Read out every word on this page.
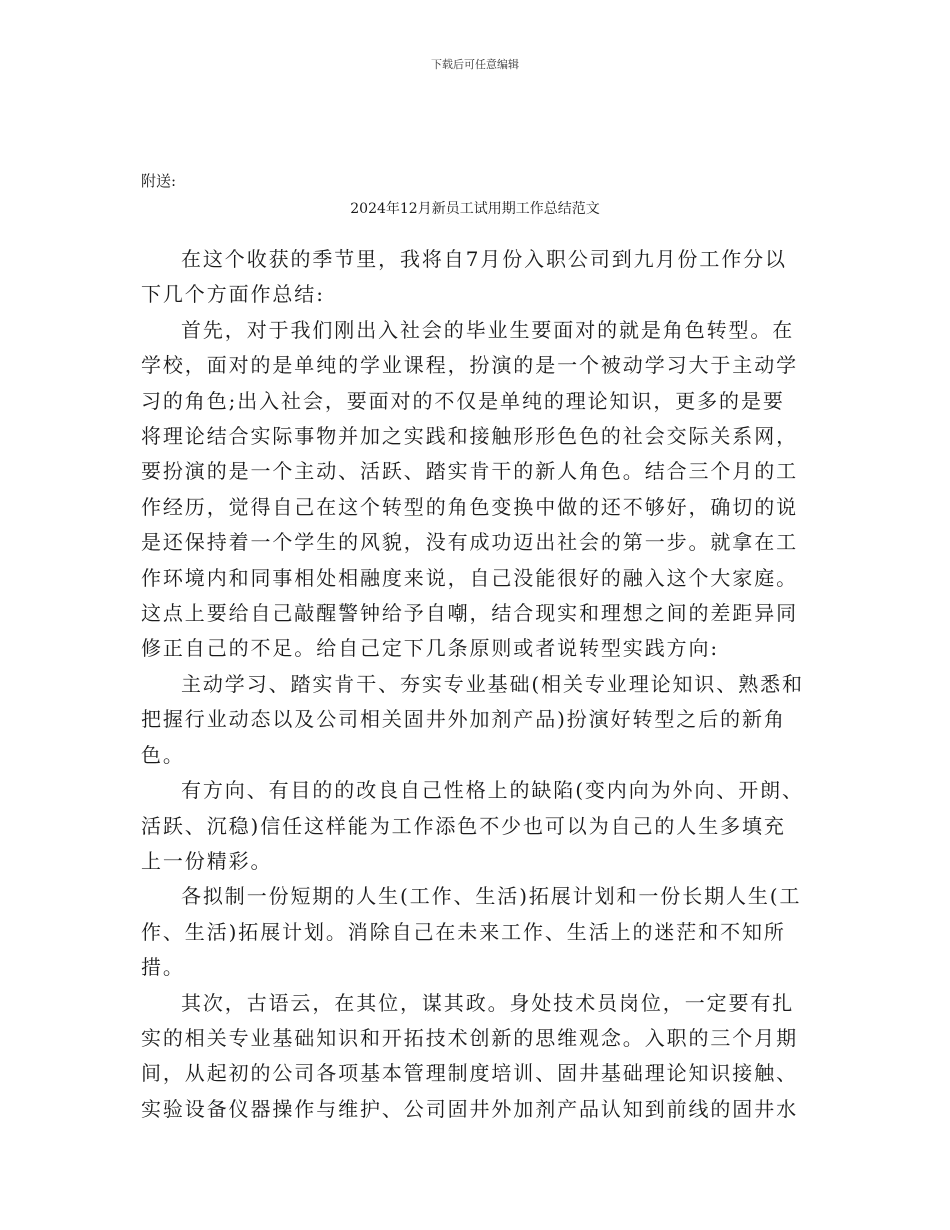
下载后可任意编辑
附送:
2024年12月新员工试用期工作总结范文

在这个收获的季节里，我将自7月份入职公司到九月份工作分以下几个方面作总结:

首先，对于我们刚出入社会的毕业生要面对的就是角色转型。在学校，面对的是单纯的学业课程，扮演的是一个被动学习大于主动学习的角色;出入社会，要面对的不仅是单纯的理论知识，更多的是要将理论结合实际事物并加之实践和接触形形色色的社会交际关系网，要扮演的是一个主动、活跃、踏实肯干的新人角色。结合三个月的工作经历，觉得自己在这个转型的角色变换中做的还不够好，确切的说是还保持着一个学生的风貌，没有成功迈出社会的第一步。就拿在工作环境内和同事相处相融度来说，自己没能很好的融入这个大家庭。这点上要给自己敲醒警钟给予自嘲，结合现实和理想之间的差距异同修正自己的不足。给自己定下几条原则或者说转型实践方向:

主动学习、踏实肯干、夯实专业基础(相关专业理论知识、熟悉和把握行业动态以及公司相关固井外加剂产品)扮演好转型之后的新角色。

有方向、有目的的改良自己性格上的缺陷(变内向为外向、开朗、活跃、沉稳)信任这样能为工作添色不少也可以为自己的人生多填充上一份精彩。

各拟制一份短期的人生(工作、生活)拓展计划和一份长期人生(工作、生活)拓展计划。消除自己在未来工作、生活上的迷茫和不知所措。

其次，古语云，在其位，谋其政。身处技术员岗位，一定要有扎实的相关专业基础知识和开拓技术创新的思维观念。入职的三个月期间，从起初的公司各项基本管理制度培训、固井基础理论知识接触、实验设备仪器操作与维护、公司固井外加剂产品认知到前线的固井水
